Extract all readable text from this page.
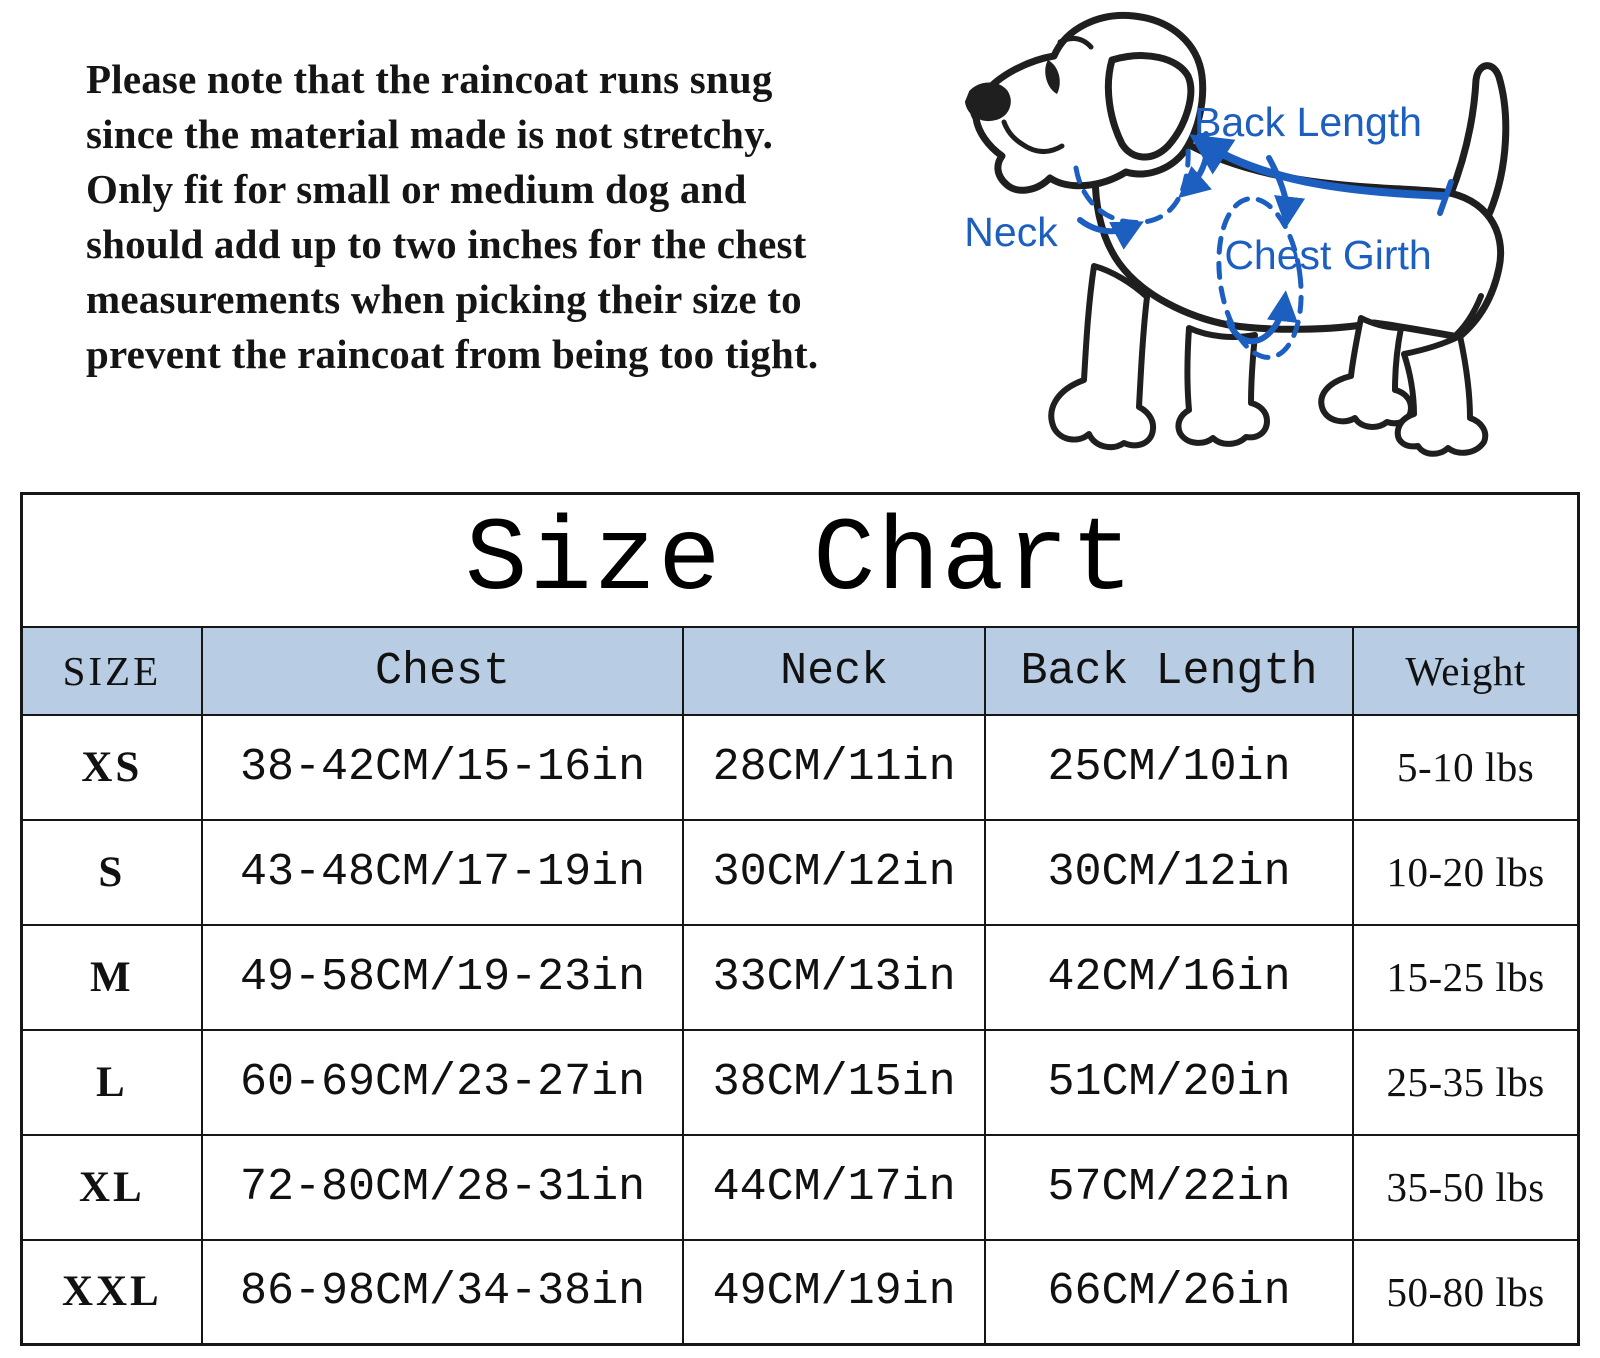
Please note that the raincoat runs snug
since the material made is not stretchy.
Only fit for small or medium dog and
should add up to two inches for the chest
measurements when picking their size to
prevent the raincoat from being too tight.
Back Length
Neck	Chest Girth
Size Chart
SIZE	Chest	Neck	Back Length	Weight
XS	38-42CM/15-16in	28CM/11in	25CM/10in	5-10 lbs
S	43-48CM/17-19in	30CM/12in	30CM/12in	10-20 lbs
M	49-58CM/19-23in	33CM/13in	42CM/16in	15-25 lbs
L	60-69CM/23-27in	38CM/15in	51CM/20in	25-35 lbs
XL	72-80CM/28-31in	44CM/17in	57CM/22in	35-50 lbs
XXL	86-98CM/34-38in	49CM/19in	66CM/26in	50-80 lbs
